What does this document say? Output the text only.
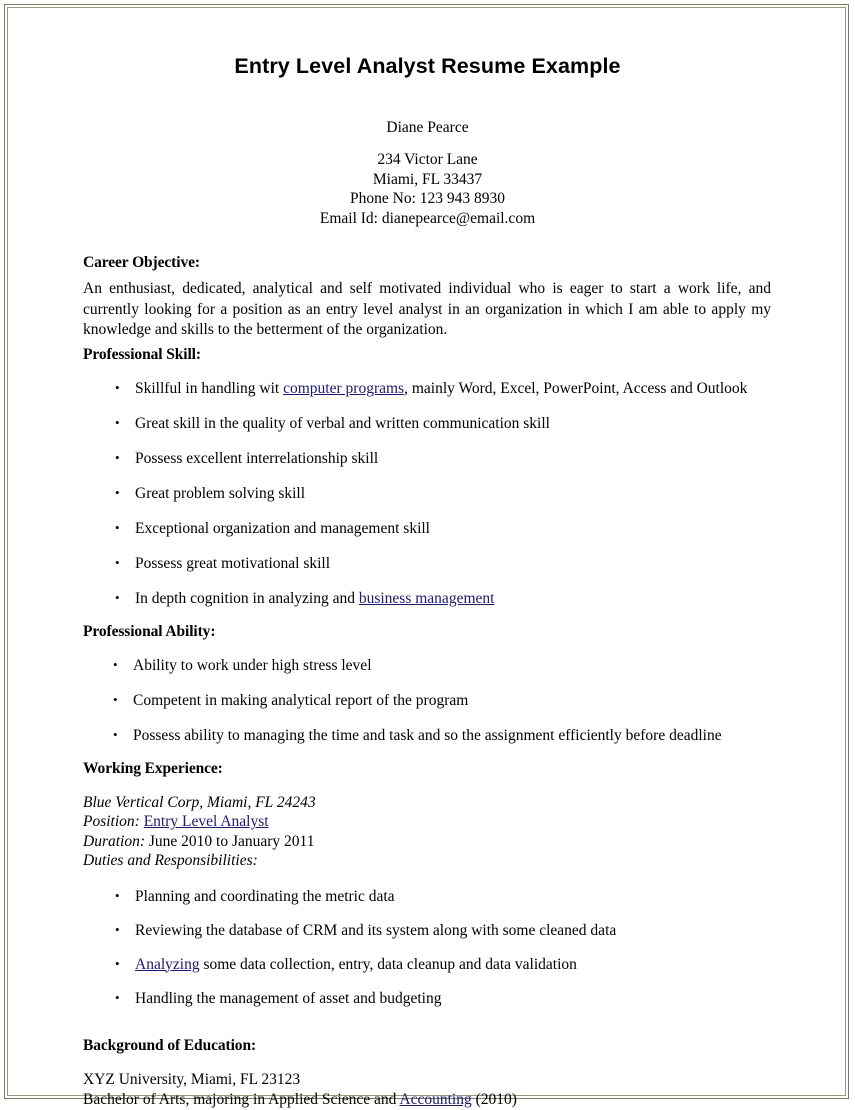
Entry Level Analyst Resume Example
Diane Pearce
234 Victor Lane
Miami, FL 33437
Phone No: 123 943 8930
Email Id: dianepearce@email.com
Career Objective:

An enthusiast, dedicated, analytical and self motivated individual who is eager to start a work life, and currently looking for a position as an entry level analyst in an organization in which I am able to apply my knowledge and skills to the betterment of the organization.

Professional Skill:
• Skillful in handling wit computer programs, mainly Word, Excel, PowerPoint, Access and Outlook
• Great skill in the quality of verbal and written communication skill
• Possess excellent interrelationship skill
• Great problem solving skill
• Exceptional organization and management skill
• Possess great motivational skill
• In depth cognition in analyzing and business management
Professional Ability:
• Ability to work under high stress level
• Competent in making analytical report of the program
• Possess ability to managing the time and task and so the assignment efficiently before deadline
Working Experience:
Blue Vertical Corp, Miami, FL 24243
Position: Entry Level Analyst
Duration: June 2010 to January 2011
Duties and Responsibilities:
• Planning and coordinating the metric data
• Reviewing the database of CRM and its system along with some cleaned data
• Analyzing some data collection, entry, data cleanup and data validation
• Handling the management of asset and budgeting
Background of Education:
XYZ University, Miami, FL 23123
Bachelor of Arts, majoring in Applied Science and Accounting (2010)
